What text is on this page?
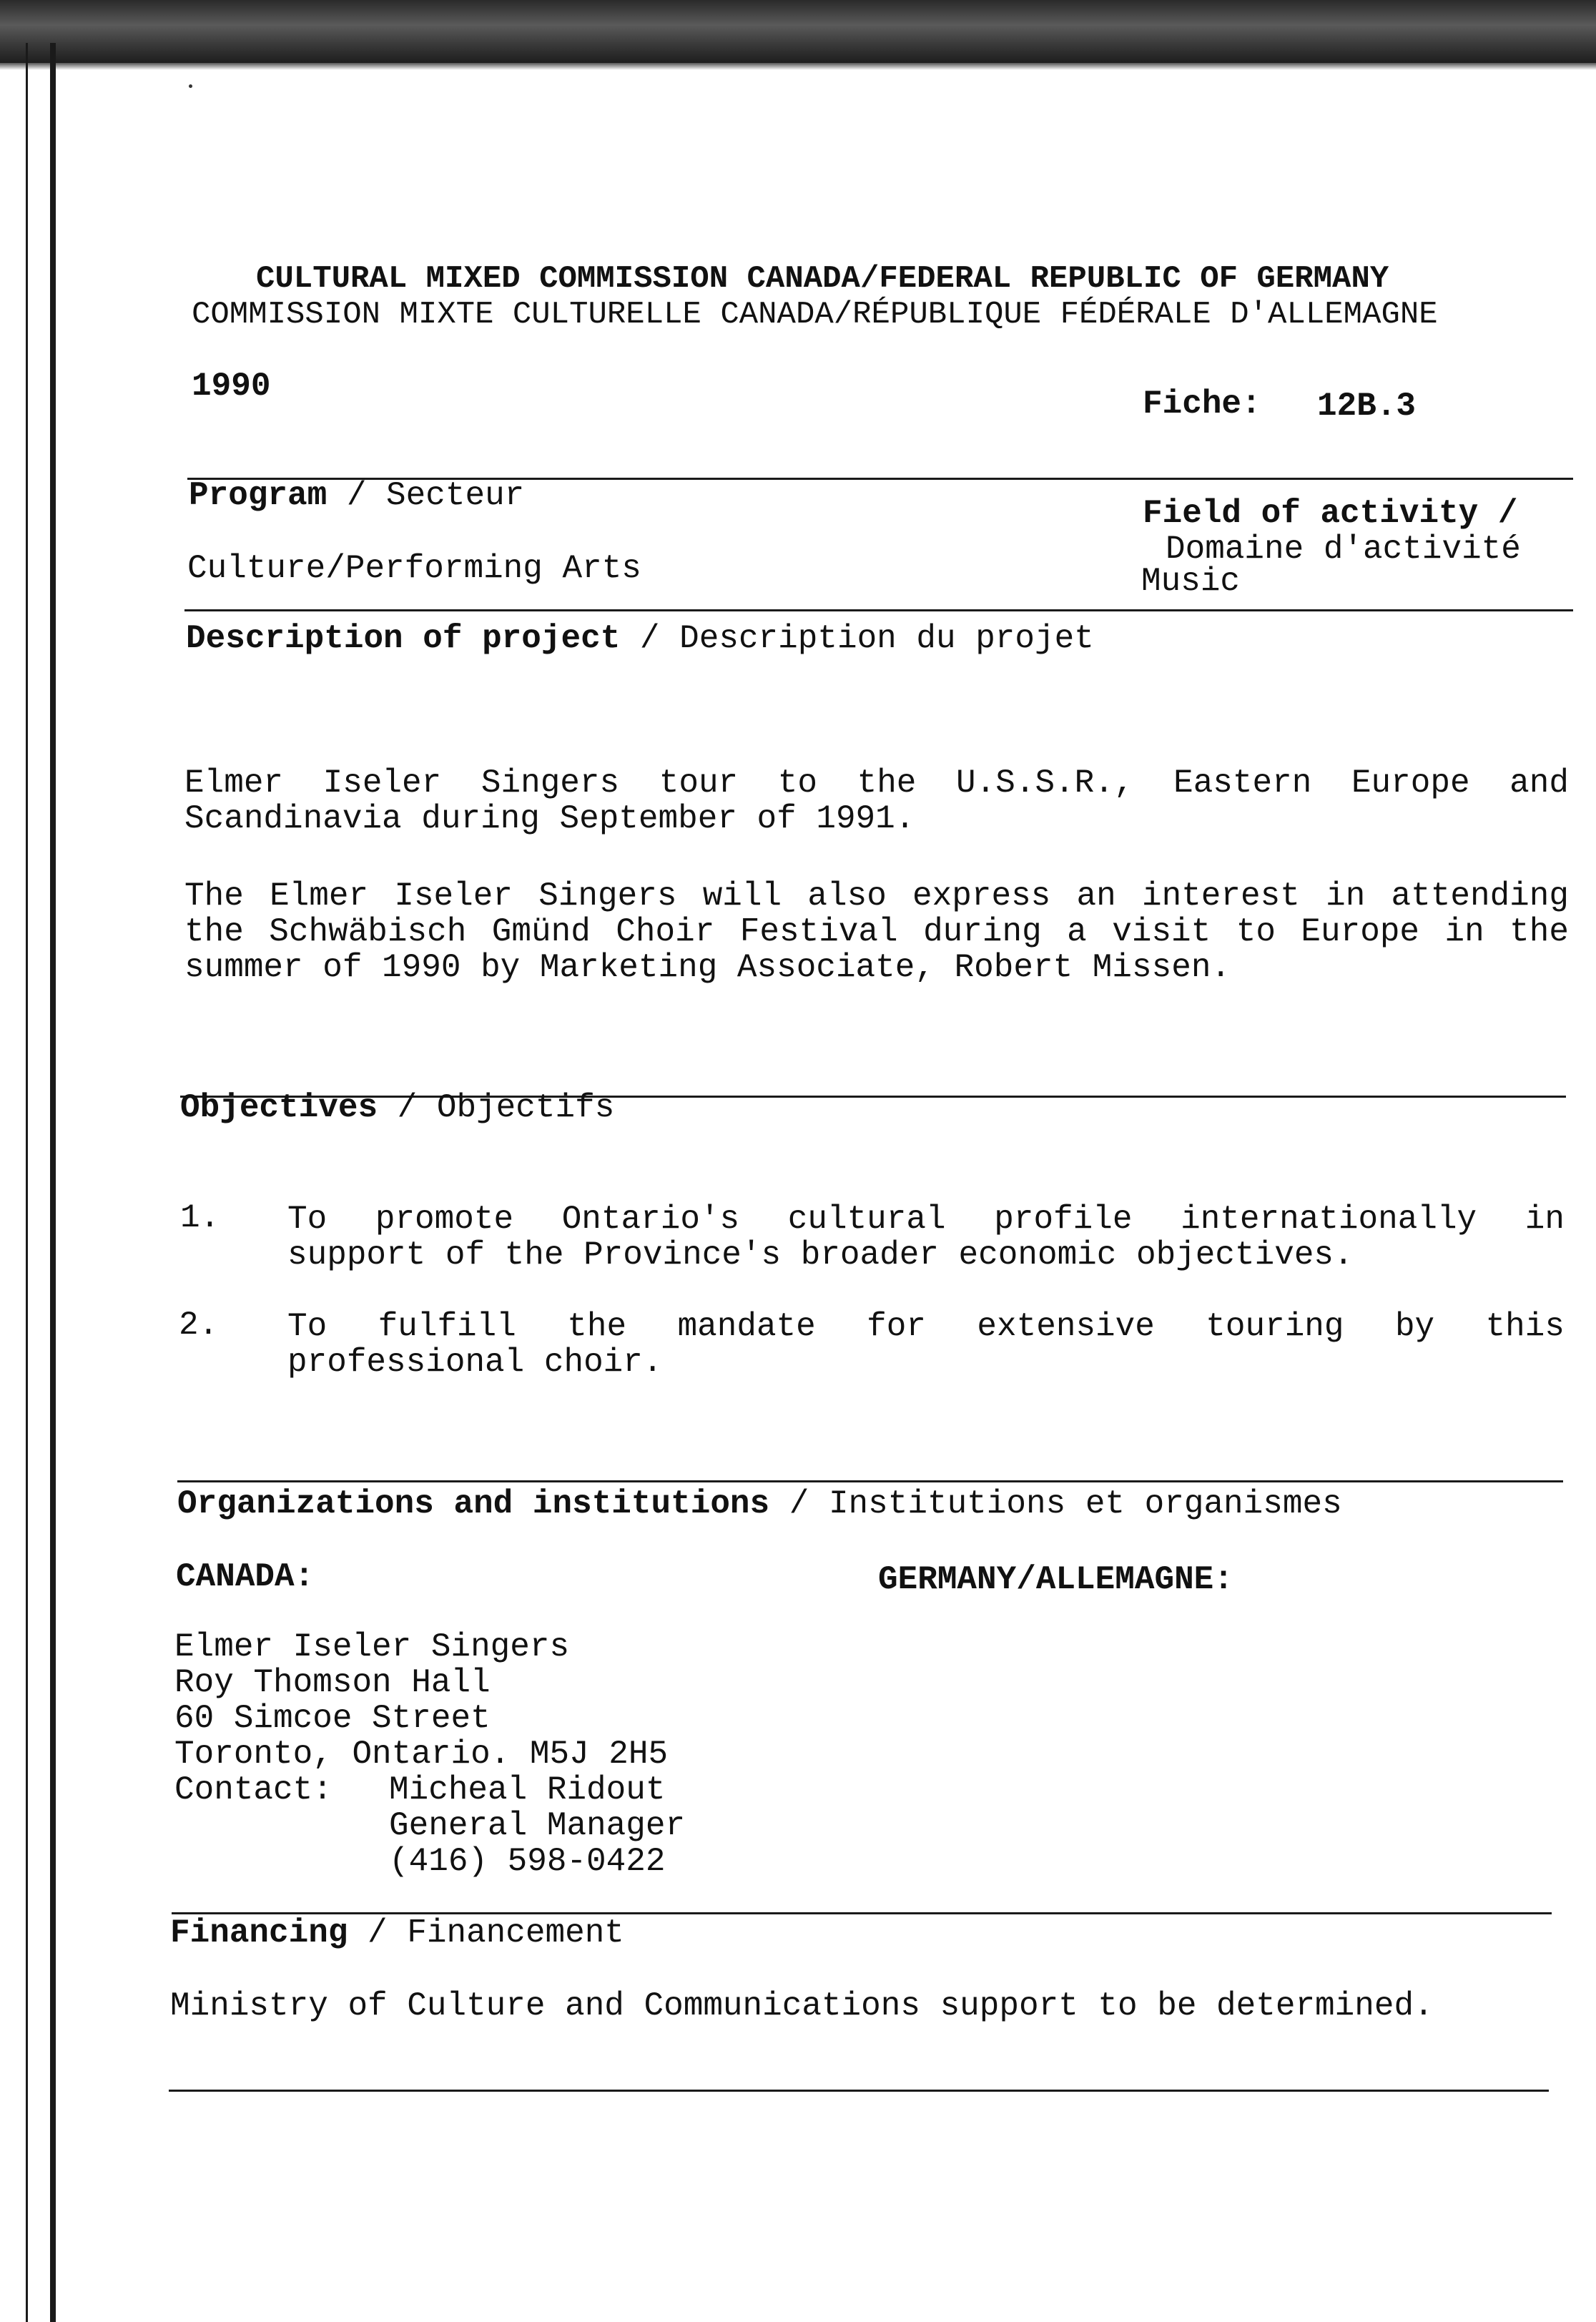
CULTURAL MIXED COMMISSION CANADA/FEDERAL REPUBLIC OF GERMANY
COMMISSION MIXTE CULTURELLE CANADA/RÉPUBLIQUE FÉDÉRALE D'ALLEMAGNE
1990	Fiche: 12B.3
Program / Secteur
Culture/Performing Arts
Field of activity /
Domaine d'activité
Music
Description of project / Description du projet
Elmer Iseler Singers tour to the U.S.S.R., Eastern Europe and
Scandinavia during September of 1991.
The Elmer Iseler Singers will also express an interest in attending
the Schwäbisch Gmünd Choir Festival during a visit to Europe in the
summer of 1990 by Marketing Associate, Robert Missen.
Objectives / Objectifs
1. To promote Ontario's cultural profile internationally in
support of the Province's broader economic objectives.
2. To fulfill the mandate for extensive touring by this
professional choir.
Organizations and institutions / Institutions et organismes
CANADA:	GERMANY/ALLEMAGNE:
Elmer Iseler Singers
Roy Thomson Hall
60 Simcoe Street
Toronto, Ontario. M5J 2H5
Contact: Micheal Ridout
General Manager
(416) 598-0422
Financing / Financement
Ministry of Culture and Communications support to be determined.
